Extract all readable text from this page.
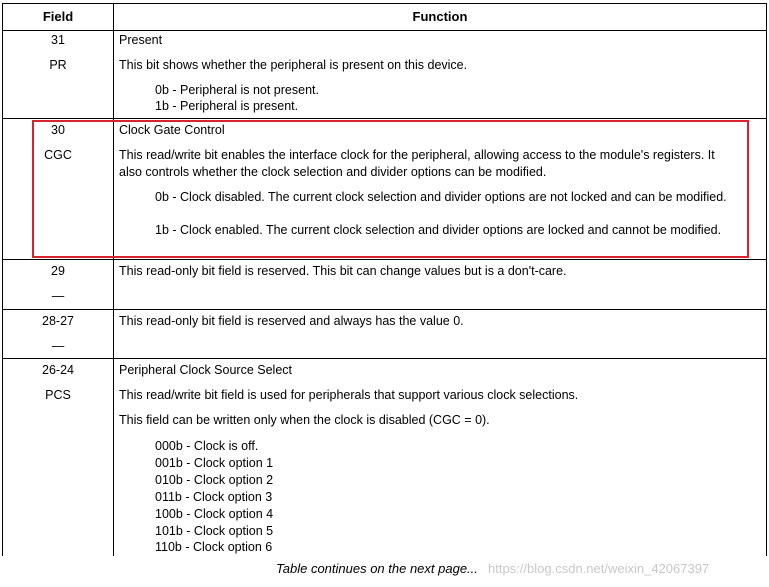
Field	Function
31
PR
Present
This bit shows whether the peripheral is present on this device.
0b - Peripheral is not present.
1b - Peripheral is present.
30
CGC
Clock Gate Control
This read/write bit enables the interface clock for the peripheral, allowing access to the module's registers. It also controls whether the clock selection and divider options can be modified.
0b - Clock disabled. The current clock selection and divider options are not locked and can be modified.
1b - Clock enabled. The current clock selection and divider options are locked and cannot be modified.
29
—
This read-only bit field is reserved. This bit can change values but is a don't-care.
28-27
—
This read-only bit field is reserved and always has the value 0.
26-24
PCS
Peripheral Clock Source Select
This read/write bit field is used for peripherals that support various clock selections.
This field can be written only when the clock is disabled (CGC = 0).
000b - Clock is off.
001b - Clock option 1
010b - Clock option 2
011b - Clock option 3
100b - Clock option 4
101b - Clock option 5
110b - Clock option 6
Table continues on the next page... https://blog.csdn.net/weixin_42067397
